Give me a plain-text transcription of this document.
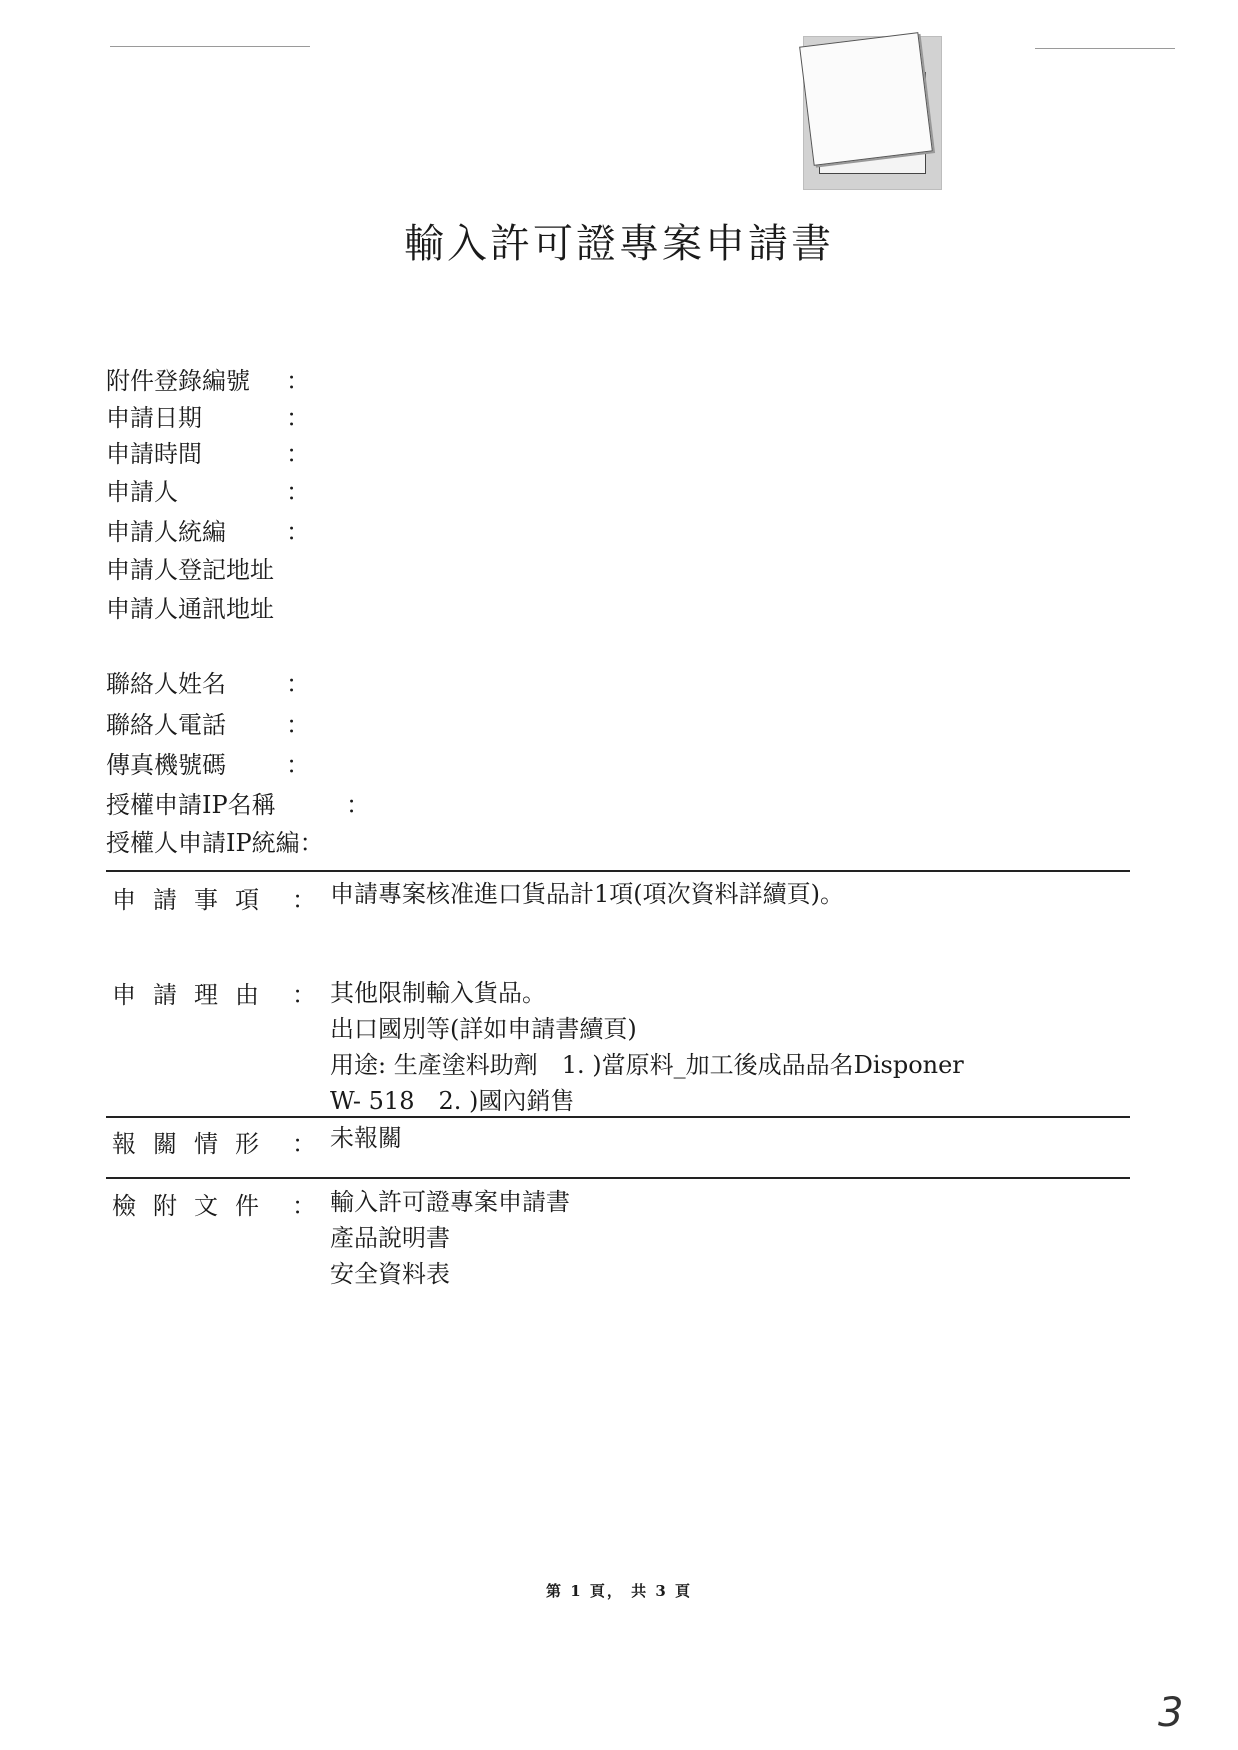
輸入許可證專案申請書
附件登錄編號 ：
申請日期	：
申請時間	：
申請人	：
申請人統編	：
申請人登記地址
申請人通訊地址
聯絡人姓名	：
聯絡人電話	：
傳真機號碼	：
授權申請IP名稱	：
授權人申請IP統編：
申請事項 ： 申請專案核准進口貨品計1項(項次資料詳續頁)。
申請理由 ： 其他限制輸入貨品。
出口國別等(詳如申請書續頁)
用途: 生產塗料助劑　1. )當原料_加工後成品品名Disponer
W- 518　2. )國內銷售
報關情形 ： 未報關
檢附文件 ： 輸入許可證專案申請書
產品說明書
安全資料表
第 1 頁， 共 3 頁
3
